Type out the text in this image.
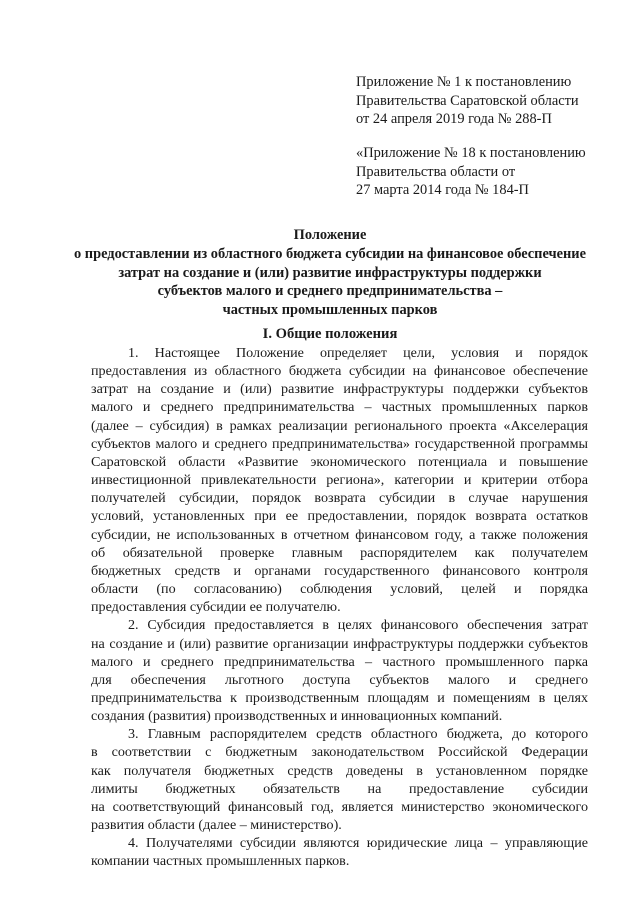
Приложение № 1 к постановлению
Правительства Саратовской области
от 24 апреля 2019 года № 288-П
«Приложение № 18 к постановлению
Правительства области от
27 марта 2014 года № 184-П
Положение
о предоставлении из областного бюджета субсидии на финансовое обеспечение
затрат на создание и (или) развитие инфраструктуры поддержки
субъектов малого и среднего предпринимательства –
частных промышленных парков
I. Общие положения
1. Настоящее Положение определяет цели, условия и порядок
предоставления из областного бюджета субсидии на финансовое обеспечение
затрат на создание и (или) развитие инфраструктуры поддержки субъектов
малого и среднего предпринимательства – частных промышленных парков
(далее – субсидия) в рамках реализации регионального проекта «Акселерация
субъектов малого и среднего предпринимательства» государственной программы
Саратовской области «Развитие экономического потенциала и повышение
инвестиционной привлекательности региона», категории и критерии отбора
получателей субсидии, порядок возврата субсидии в случае нарушения
условий, установленных при ее предоставлении, порядок возврата остатков
субсидии, не использованных в отчетном финансовом году, а также положения
об обязательной проверке главным распорядителем как получателем
бюджетных средств и органами государственного финансового контроля
области (по согласованию) соблюдения условий, целей и порядка
предоставления субсидии ее получателю.
2. Субсидия предоставляется в целях финансового обеспечения затрат
на создание и (или) развитие организации инфраструктуры поддержки субъектов
малого и среднего предпринимательства – частного промышленного парка
для обеспечения льготного доступа субъектов малого и среднего
предпринимательства к производственным площадям и помещениям в целях
создания (развития) производственных и инновационных компаний.
3. Главным распорядителем средств областного бюджета, до которого
в соответствии с бюджетным законодательством Российской Федерации
как получателя бюджетных средств доведены в установленном порядке
лимиты бюджетных обязательств на предоставление субсидии
на соответствующий финансовый год, является министерство экономического
развития области (далее – министерство).
4. Получателями субсидии являются юридические лица – управляющие
компании частных промышленных парков.
